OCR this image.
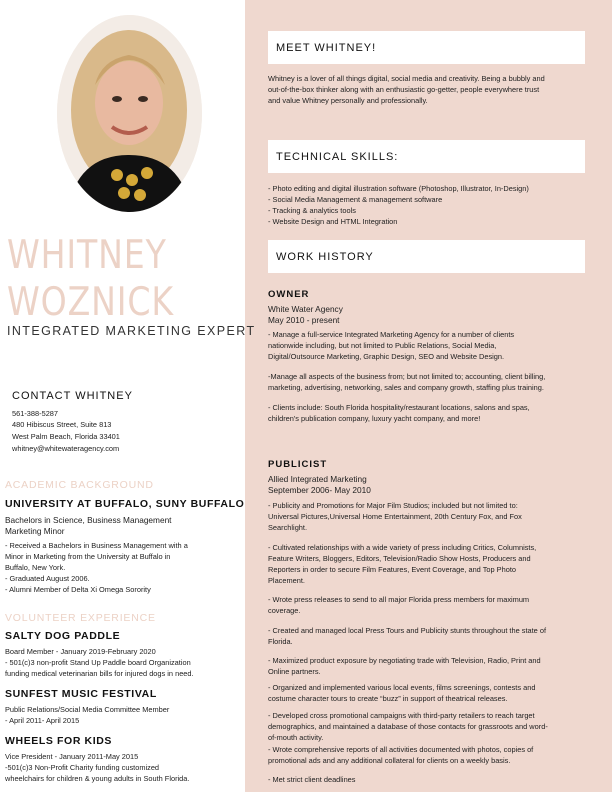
WHITNEY
WOZNICK
INTEGRATED MARKETING EXPERT
CONTACT WHITNEY
561-388-5287
480 Hibiscus Street, Suite 813
West Palm Beach, Florida 33401
whitney@whitewateragency.com
ACADEMIC BACKGROUND
UNIVERSITY AT BUFFALO, SUNY BUFFALO
Bachelors in Science, Business Management
Marketing Minor
- Received a Bachelors in Business Management with a
Minor in Marketing from the University at Buffalo in
Buffalo, New York.
- Graduated August 2006.
- Alumni Member of Delta Xi Omega Sorority
VOLUNTEER EXPERIENCE
SALTY DOG PADDLE
Board Member - January 2019-February 2020
- 501(c)3 non-profit Stand Up Paddle board Organization
funding medical veterinarian bills for injured dogs in need.
SUNFEST MUSIC FESTIVAL
Public Relations/Social Media Committee Member
- April 2011- April 2015
WHEELS FOR KIDS
Vice President - January 2011-May 2015
-501(c)3 Non-Profit Charity funding customized
wheelchairs for children & young adults in South Florida.
MEET WHITNEY!
Whitney is a lover of all things digital, social media and creativity. Being a bubbly and
out-of-the-box thinker along with an enthusiastic go-getter, people everywhere trust
and value Whitney personally and professionally.
TECHNICAL SKILLS:
- Photo editing and digital illustration software (Photoshop, Illustrator, In-Design)
- Social Media Management & management software
- Tracking & analytics tools
- Website Design and HTML Integration
WORK HISTORY
OWNER
White Water Agency
May 2010 - present
- Manage a full-service Integrated Marketing Agency for a number of clients
nationwide including, but not limited to Public Relations, Social Media,
Digital/Outsource Marketing, Graphic Design, SEO and Website Design.
-Manage all aspects of the business from; but not limited to; accounting, client billing,
marketing, advertising, networking, sales and company growth, staffing plus training.
- Clients include: South Florida hospitality/restaurant locations, salons and spas,
children's publication company, luxury yacht company, and more!
PUBLICIST
Allied Integrated Marketing
September 2006- May 2010
- Publicity and Promotions for Major Film Studios; included but not limited to:
Universal Pictures,Universal Home Entertainment, 20th Century Fox, and Fox
Searchlight.
- Cultivated relationships with a wide variety of press including Critics, Columnists,
Feature Writers, Bloggers, Editors, Television/Radio Show Hosts, Producers and
Reporters in order to secure Film Features, Event Coverage, and Top Photo
Placement.
- Wrote press releases to send to all major Florida press members for maximum
coverage.
- Created and managed local Press Tours and Publicity stunts throughout the state of
Florida.
- Maximized product exposure by negotiating trade with Television, Radio, Print and
Online partners.
- Organized and implemented various local events, films screenings, contests and
costume character tours to create “buzz” in support of theatrical releases.
- Developed cross promotional campaigns with third-party retailers to reach target
demographics, and maintained a database of those contacts for grassroots and word-
of-mouth activity.
- Wrote comprehensive reports of all activities documented with photos, copies of
promotional ads and any additional collateral for clients on a weekly basis.
- Met strict client deadlines
